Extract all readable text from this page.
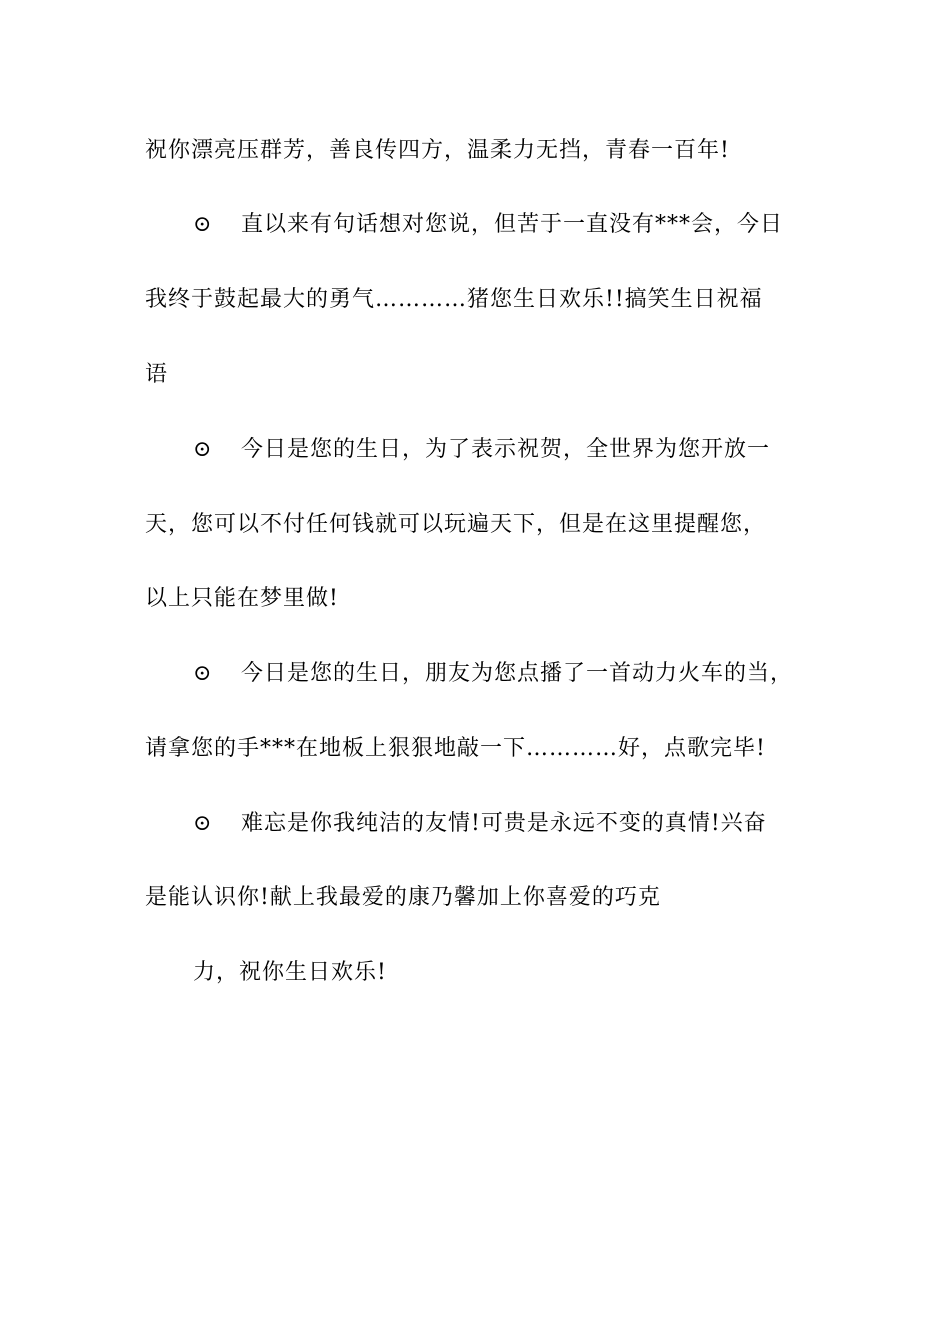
祝你漂亮压群芳，善良传四方，温柔力无挡，青春一百年!
⊙ 直以来有句话想对您说，但苦于一直没有***会，今日
我终于鼓起最大的勇气…………猪您生日欢乐!!搞笑生日祝福
语
⊙ 今日是您的生日，为了表示祝贺，全世界为您开放一
天，您可以不付任何钱就可以玩遍天下，但是在这里提醒您，
以上只能在梦里做!
⊙ 今日是您的生日，朋友为您点播了一首动力火车的当，
请拿您的手***在地板上狠狠地敲一下…………好，点歌完毕!
⊙ 难忘是你我纯洁的友情!可贵是永远不变的真情!兴奋
是能认识你!献上我最爱的康乃馨加上你喜爱的巧克
力，祝你生日欢乐!
